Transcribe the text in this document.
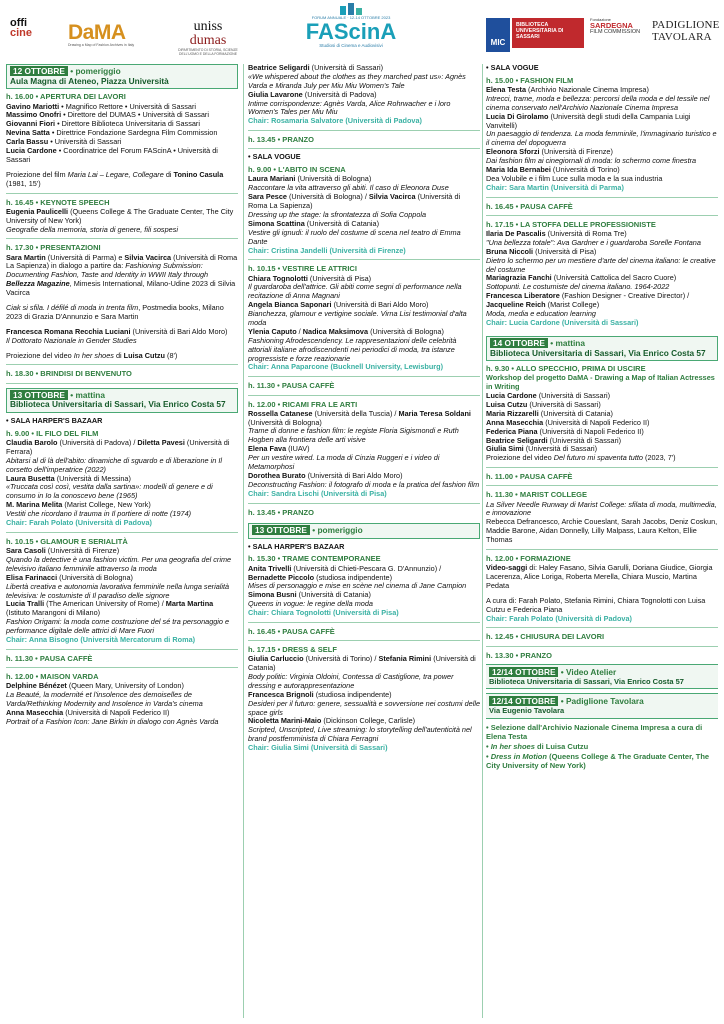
offi
cine	DaMA
Drawing a Map of Fashion Archives in Italy
uniss
dumas
DIPARTIMENTO DI STORIA, SCIENZE DELL'UOMO E DELLA FORMAZIONE
FORUM ANNUALE · 12-14 OTTOBRE 2023
FAScinA
Studiosi di Cinema e Audiovisivi	MIC
BIBLIOTECA UNIVERSITARIA DI SASSARI
Fondazione
SARDEGNA
FILM COMMISSION
PADIGLIONE TAVOLARA
12 OTTOBRE • pomeriggio
Aula Magna di Ateneo, Piazza Università
h. 16.00 • APERTURA DEI LAVORI
Gavino Mariotti • Magnifico Rettore • Università di Sassari
Massimo Onofri • Direttore del DUMAS • Università di Sassari
Giovanni Fiori • Direttore Biblioteca Universitaria di Sassari
Nevina Satta • Direttrice Fondazione Sardegna Film Commission
Carla Bassu • Università di Sassari
Lucia Cardone • Coordinatrice del Forum FAScinA • Università di Sassari
Proiezione del film Maria Lai – Legare, Collegare di Tonino Casula (1981, 15')
h. 16.45 • KEYNOTE SPEECH
Eugenia Paulicelli (Queens College & The Graduate Center, The City University of New York)
Geografie della memoria, storia di genere, fili sospesi
h. 17.30 • PRESENTAZIONI
Sara Martin (Università di Parma) e Silvia Vacirca (Università di Roma La Sapienza) in dialogo a partire da: Fashioning Submission: Documenting Fashion, Taste and Identity in WWII Italy through Bellezza Magazine, Mimesis International, Milano-Udine 2023 di Silvia Vacirca
Ciak si sfila. I défilé di moda in trenta film, Postmedia books, Milano 2023 di Grazia D'Annunzio e Sara Martin
Francesca Romana Recchia Luciani (Università di Bari Aldo Moro)
Il Dottorato Nazionale in Gender Studies
Proiezione del video In her shoes di Luisa Cutzu (8')
h. 18.30 • BRINDISI DI BENVENUTO
13 OTTOBRE • mattina
Biblioteca Universitaria di Sassari, Via Enrico Costa 57
• SALA HARPER'S BAZAAR
h. 9.00 • IL FILO DEL FILM
Claudia Barolo (Università di Padova) / Diletta Pavesi (Università di Ferrara)
Abitarsi al di là dell'abito: dinamiche di sguardo e di liberazione in Il corsetto dell'imperatrice (2022)
Laura Busetta (Università di Messina)
«Truccata così così, vestita dalla sartina»: modelli di genere e di consumo in Io la conoscevo bene (1965)
M. Marina Melita (Marist College, New York)
Vestiti che ricordano il trauma in Il portiere di notte (1974)
Chair: Farah Polato (Università di Padova)
h. 10.15 • GLAMOUR E SERIALITÀ
Sara Casoli (Università di Firenze)
Quando la detective è una fashion victim. Per una geografia del crime televisivo italiano femminile attraverso la moda
Elisa Farinacci (Università di Bologna)
Libertà creativa e autonomia lavorativa femminile nella lunga serialità televisiva: le costumiste di Il paradiso delle signore
Lucia Tralli (The American University of Rome) / Marta Martina (Istituto Marangoni di Milano)
Fashion Origami: la moda come costruzione del sé tra personaggio e performance digitale delle attrici di Mare Fuori
Chair: Anna Bisogno (Università Mercatorum di Roma)
h. 11.30 • PAUSA CAFFÈ
h. 12.00 • MAISON VARDA
Delphine Bénézet (Queen Mary, University of London)
La Beauté, la modernité et l'insolence des demoiselles de Varda/Rethinking Modernity and Insolence in Varda's cinema
Anna Masecchia (Università di Napoli Federico II)
Portrait of a Fashion Icon: Jane Birkin in dialogo con Agnès Varda
Beatrice Seligardi (Università di Sassari)
«We whispered about the clothes as they marched past us»: Agnès Varda e Miranda July per Miu Miu Women's Tale
Giulia Lavarone (Università di Padova)
Intime corrispondenze: Agnès Varda, Alice Rohrwacher e i loro Women's Tales per Miu Miu
Chair: Rosamaria Salvatore (Università di Padova)
h. 13.45 • PRANZO
• SALA VOGUE
h. 9.00 • L'ABITO IN SCENA
Laura Mariani (Università di Bologna)
Raccontare la vita attraverso gli abiti. Il caso di Eleonora Duse
Sara Pesce (Università di Bologna) / Silvia Vacirca (Università di Roma La Sapienza)
Dressing up the stage: la sfrontatezza di Sofia Coppola
Simona Scattina (Università di Catania)
Vestire gli ignudi: il ruolo del costume di scena nel teatro di Emma Dante
Chair: Cristina Jandelli (Università di Firenze)
h. 10.15 • VESTIRE LE ATTRICI
Chiara Tognolotti (Università di Pisa)
Il guardaroba dell'attrice. Gli abiti come segni di performance nella recitazione di Anna Magnani
Angela Bianca Saponari (Università di Bari Aldo Moro)
Bianchezza, glamour e vertigine sociale. Virna Lisi testimonial d'alta moda
Ylenia Caputo / Nadica Maksimova (Università di Bologna)
Fashioning Afrodescendency. Le rappresentazioni delle celebrità attoriali italiane afrodiscendenti nei periodici di moda, tra istanze progressiste e forze reazionarie
Chair: Anna Paparcone (Bucknell University, Lewisburg)
h. 11.30 • PAUSA CAFFÈ
h. 12.00 • RICAMI FRA LE ARTI
Rossella Catanese (Università della Tuscia) / Maria Teresa Soldani (Università di Bologna)
Trame di donne e fashion film: le registe Floria Sigismondi e Ruth Hogben alla frontiera delle arti visive
Elena Fava (IUAV)
Per un vestire wired. La moda di Cinzia Ruggeri e i video di Metamorphosi
Dorothea Burato (Università di Bari Aldo Moro)
Deconstructing Fashion: il fotografo di moda e la pratica del fashion film
Chair: Sandra Lischi (Università di Pisa)
h. 13.45 • PRANZO
13 OTTOBRE • pomeriggio
• SALA HARPER'S BAZAAR
h. 15.30 • TRAME CONTEMPORANEE
Anita Trivelli (Università di Chieti-Pescara G. D'Annunzio) / Bernadette Piccolo (studiosa indipendente)
Mises di personaggio e mise en scène nel cinema di Jane Campion
Simona Busni (Università di Catania)
Queens in vogue: le regine della moda
Chair: Chiara Tognolotti (Università di Pisa)
h. 16.45 • PAUSA CAFFÈ
h. 17.15 • DRESS & SELF
Giulia Carluccio (Università di Torino) / Stefania Rimini (Università di Catania)
Body politic: Virginia Oldoini, Contessa di Castiglione, tra power dressing e autorappresentazione
Francesca Brignoli (studiosa indipendente)
Desideri per il futuro: genere, sessualità e sovversione nei costumi delle space girls
Nicoletta Marini-Maio (Dickinson College, Carlisle)
Scripted, Unscripted, Live streaming: lo storytelling dell'autenticità nel brand postfemminista di Chiara Ferragni
Chair: Giulia Simi (Università di Sassari)
• SALA VOGUE
h. 15.00 • FASHION FILM
Elena Testa (Archivio Nazionale Cinema Impresa)
Intrecci, trame, moda e bellezza: percorsi della moda e del tessile nel cinema conservato nell'Archivio Nazionale Cinema Impresa
Lucia Di Girolamo (Università degli studi della Campania Luigi Vanvitelli)
Un paesaggio di tendenza. La moda femminile, l'immaginario turistico e il cinema del dopoguerra
Eleonora Sforzi (Università di Firenze)
Dai fashion film ai cinegiornali di moda: lo schermo come finestra
Maria Ida Bernabei (Università di Torino)
Dea Volubile e i film Luce sulla moda e la sua industria
Chair: Sara Martin (Università di Parma)
h. 16.45 • PAUSA CAFFÈ
h. 17.15 • LA STOFFA DELLE PROFESSIONISTE
Ilaria De Pascalis (Università di Roma Tre)
"Una bellezza totale": Ava Gardner e i guardaroba Sorelle Fontana
Bruna Niccoli (Università di Pisa)
Dietro lo schermo per un mestiere d'arte del cinema italiano: le creative del costume
Mariagrazia Fanchi (Università Cattolica del Sacro Cuore)
Sottopunti. Le costumiste del cinema italiano. 1964-2022
Francesca Liberatore (Fashion Designer - Creative Director) / Jacqueline Reich (Marist College)
Moda, media e education learning
Chair: Lucia Cardone (Università di Sassari)
14 OTTOBRE • mattina
Biblioteca Universitaria di Sassari, Via Enrico Costa 57
h. 9.30 • ALLO SPECCHIO, PRIMA DI USCIRE
Workshop del progetto DaMA - Drawing a Map of Italian Actresses in Writing
Lucia Cardone (Università di Sassari)
Luisa Cutzu (Università di Sassari)
Maria Rizzarelli (Università di Catania)
Anna Masecchia (Università di Napoli Federico II)
Federica Piana (Università di Napoli Federico II)
Beatrice Seligardi (Università di Sassari)
Giulia Simi (Università di Sassari)
Proiezione del video Del futuro mi spaventa tutto (2023, 7')
h. 11.00 • PAUSA CAFFÈ
h. 11.30 • MARIST COLLEGE
La Silver Needle Runway di Marist College: sfilata di moda, multimedia, e innovazione
Rebecca Defrancesco, Archie Coueslant, Sarah Jacobs, Deniz Coskun, Maddie Barone, Aidan Donnelly, Lilly Malpass, Laura Kelton, Ellie Thomas
h. 12.00 • FORMAZIONE
Video-saggi di: Haley Fasano, Silvia Garulli, Doriana Giudice, Giorgia Lacerenza, Alice Loriga, Roberta Merella, Chiara Muscio, Martina Pedata
A cura di: Farah Polato, Stefania Rimini, Chiara Tognolotti con Luisa Cutzu e Federica Piana
Chair: Farah Polato (Università di Padova)
h. 12.45 • CHIUSURA DEI LAVORI
h. 13.30 • PRANZO
12/14 OTTOBRE • Video Atelier
Biblioteca Universitaria di Sassari, Via Enrico Costa 57
12/14 OTTOBRE • Padiglione Tavolara
Via Eugenio Tavolara
• Selezione dall'Archivio Nazionale Cinema Impresa a cura di Elena Testa
• In her shoes di Luisa Cutzu
• Dress in Motion (Queens College & The Graduate Center, The City University of New York)
